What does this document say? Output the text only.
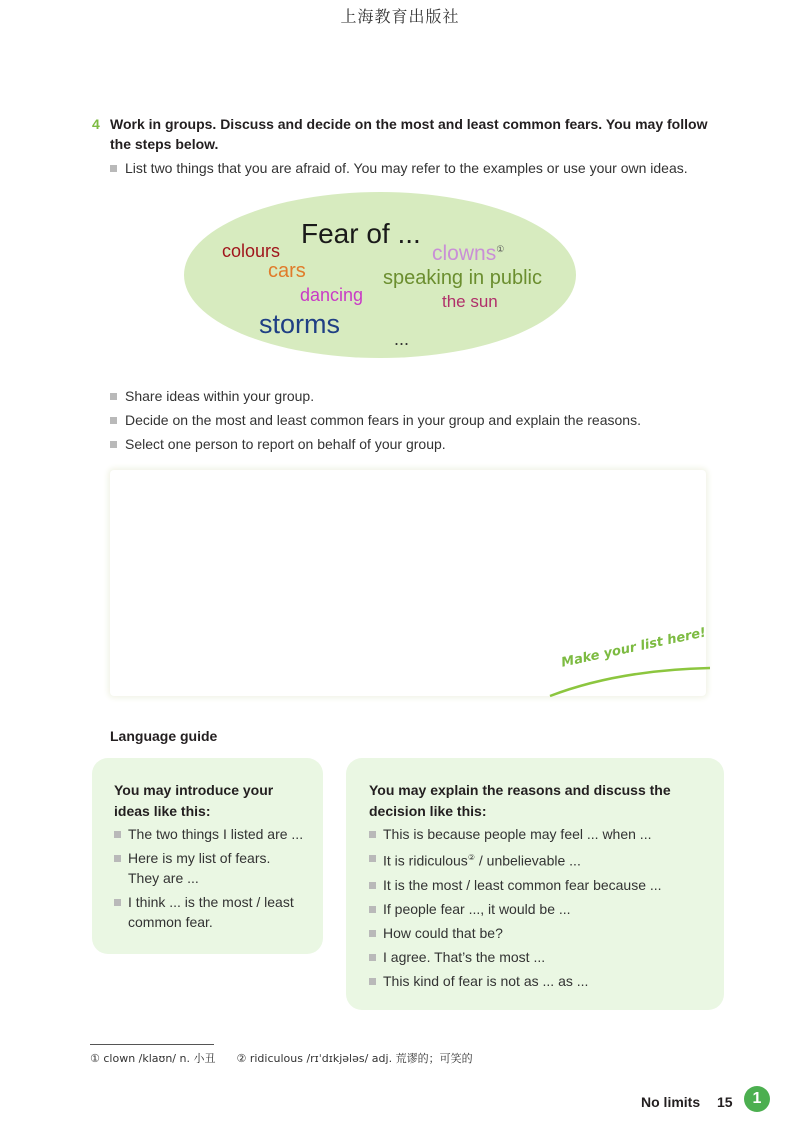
上海教育出版社
4 Work in groups. Discuss and decide on the most and least common fears. You may follow
the steps below.
List two things that you are afraid of. You may refer to the examples or use your own ideas.
Fear of ...
colours	clowns①
cars	speaking in public
dancing	the sun
storms	...
Share ideas within your group.
Decide on the most and least common fears in your group and explain the reasons.
Select one person to report on behalf of your group.
Make your list here!
Language guide
You may introduce your
ideas like this:
The two things I listed are ...
Here is my list of fears.
They are ...
I think ... is the most / least
common fear.
You may explain the reasons and discuss the
decision like this:
This is because people may feel ... when ...
It is ridiculous② / unbelievable ...
It is the most / least common fear because ...
If people fear ..., it would be ...
How could that be?
I agree. That’s the most ...
This kind of fear is not as ... as ...
① clown /klaʊn/ n. 小丑 ② ridiculous /rɪˈdɪkjələs/ adj. 荒谬的；可笑的
No limits 15	1
